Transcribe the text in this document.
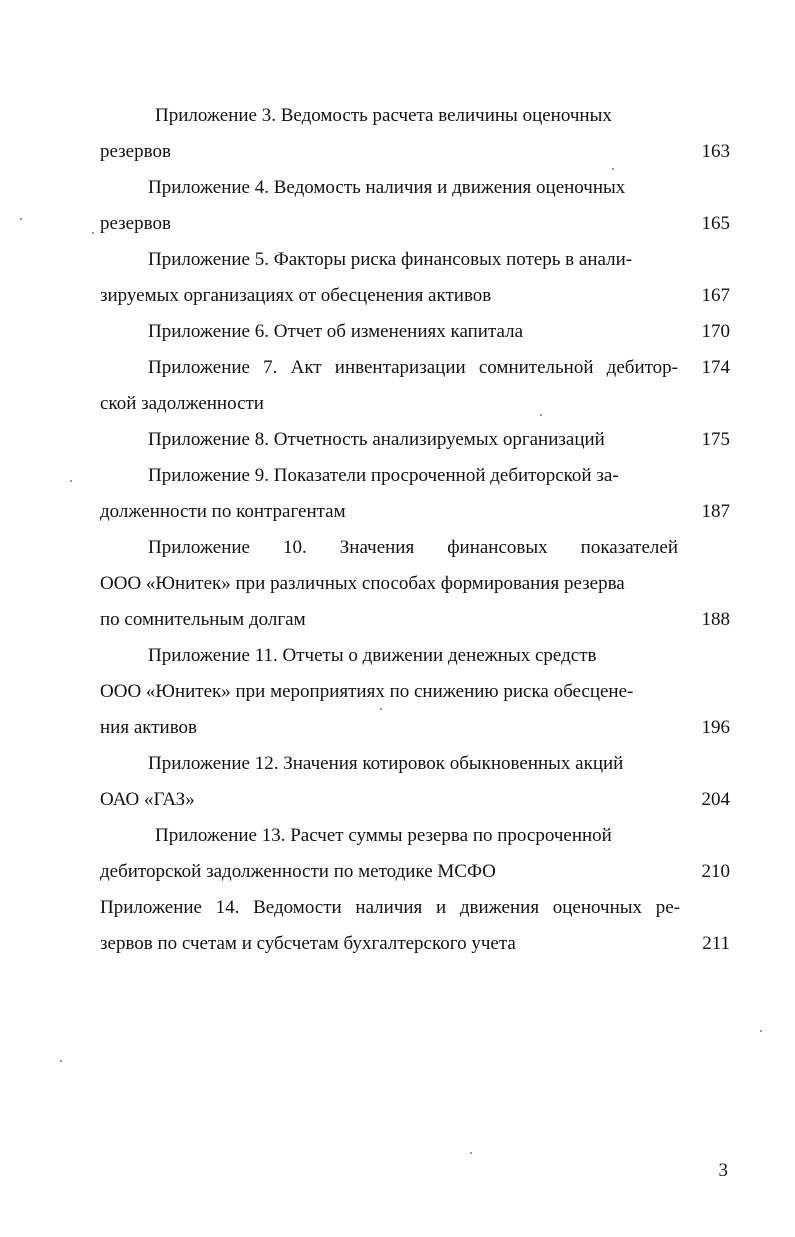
Приложение 3. Ведомость расчета величины оценочных

резервов	163

Приложение 4. Ведомость наличия и движения оценочных

резервов	165

Приложение 5. Факторы риска финансовых потерь в анали-

зируемых организациях от обесценения активов	167

Приложение 6. Отчет об изменениях капитала	170

Приложение 7. Акт инвентаризации сомнительной дебитор-	174

ской задолженности

Приложение 8. Отчетность анализируемых организаций	175

Приложение 9. Показатели просроченной дебиторской за-

долженности по контрагентам	187

Приложение 10. Значения финансовых показателей

ООО «Юнитек» при различных способах формирования резерва

по сомнительным долгам	188

Приложение 11. Отчеты о движении денежных средств

ООО «Юнитек» при мероприятиях по снижению риска обесцене-

ния активов	196

Приложение 12. Значения котировок обыкновенных акций

ОАО «ГАЗ»	204

Приложение 13. Расчет суммы резерва по просроченной

дебиторской задолженности по методике МСФО	210

Приложение 14. Ведомости наличия и движения оценочных ре-

зервов по счетам и субсчетам бухгалтерского учета	211

3
